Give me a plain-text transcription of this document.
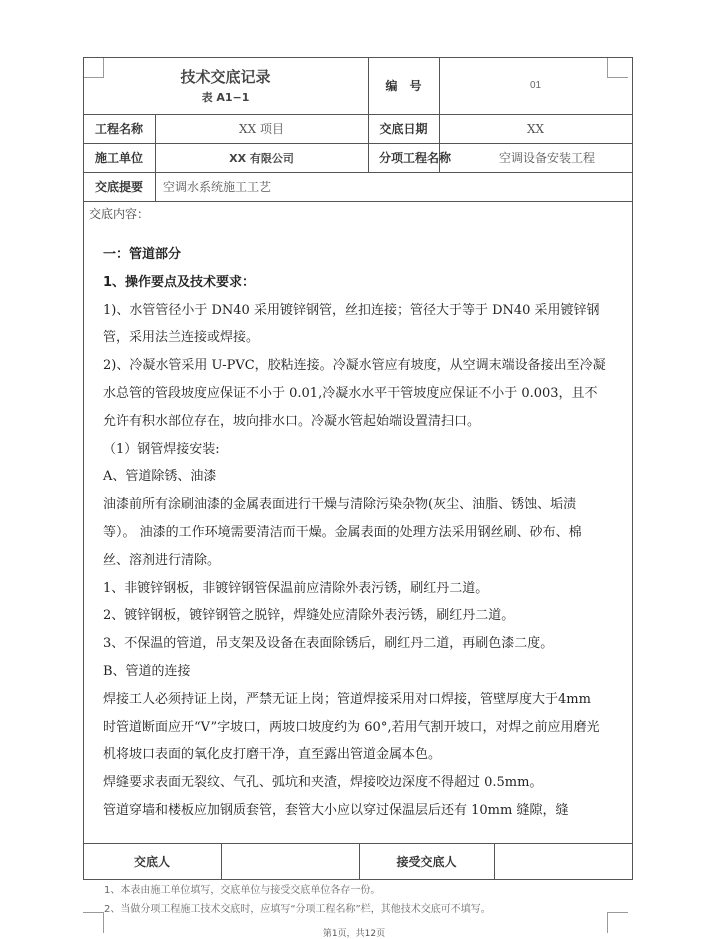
技术交底记录
表 A1−1
编　号	01
工程名称	XX 项目	交底日期	XX
施工单位	XX 有限公司	分项工程名称	空调设备安装工程
交底提要	空调水系统施工工艺
交底内容：

一：管道部分

1、操作要点及技术要求：

1)、水管管径小于 DN40 采用镀锌钢管，丝扣连接；管径大于等于 DN40 采用镀锌钢管，采用法兰连接或焊接。

2)、冷凝水管采用 U-PVC，胶粘连接。冷凝水管应有坡度，从空调末端设备接出至冷凝水总管的管段坡度应保证不小于 0.01,冷凝水水平干管坡度应保证不小于 0.003，且不允许有积水部位存在，坡向排水口。冷凝水管起始端设置清扫口。

（1）钢管焊接安装:

A、管道除锈、油漆

油漆前所有涂刷油漆的金属表面进行干燥与清除污染杂物(灰尘、油脂、锈蚀、垢渍等）。 油漆的工作环境需要清洁而干燥。金属表面的处理方法采用钢丝刷、砂布、棉丝、溶剂进行清除。

1、非镀锌钢板，非镀锌钢管保温前应清除外表污锈，刷红丹二道。

2、镀锌钢板，镀锌钢管之脱锌，焊缝处应清除外表污锈，刷红丹二道。

3、不保温的管道，吊支架及设备在表面除锈后，刷红丹二道，再刷色漆二度。

B、管道的连接

焊接工人必须持证上岗，严禁无证上岗；管道焊接采用对口焊接，管壁厚度大于4mm 时管道断面应开“V”字坡口，两坡口坡度约为 60°,若用气割开坡口，对焊之前应用磨光机将坡口表面的氧化皮打磨干净，直至露出管道金属本色。

焊缝要求表面无裂纹、气孔、弧坑和夹渣，焊接咬边深度不得超过 0.5mm。

管道穿墙和楼板应加钢质套管，套管大小应以穿过保温层后还有 10mm 缝隙，缝

交底人	接受交底人
1、本表由施工单位填写，交底单位与接受交底单位各存一份。
2、当做分项工程施工技术交底时，应填写“分项工程名称”栏，其他技术交底可不填写。
第1页，共12页
